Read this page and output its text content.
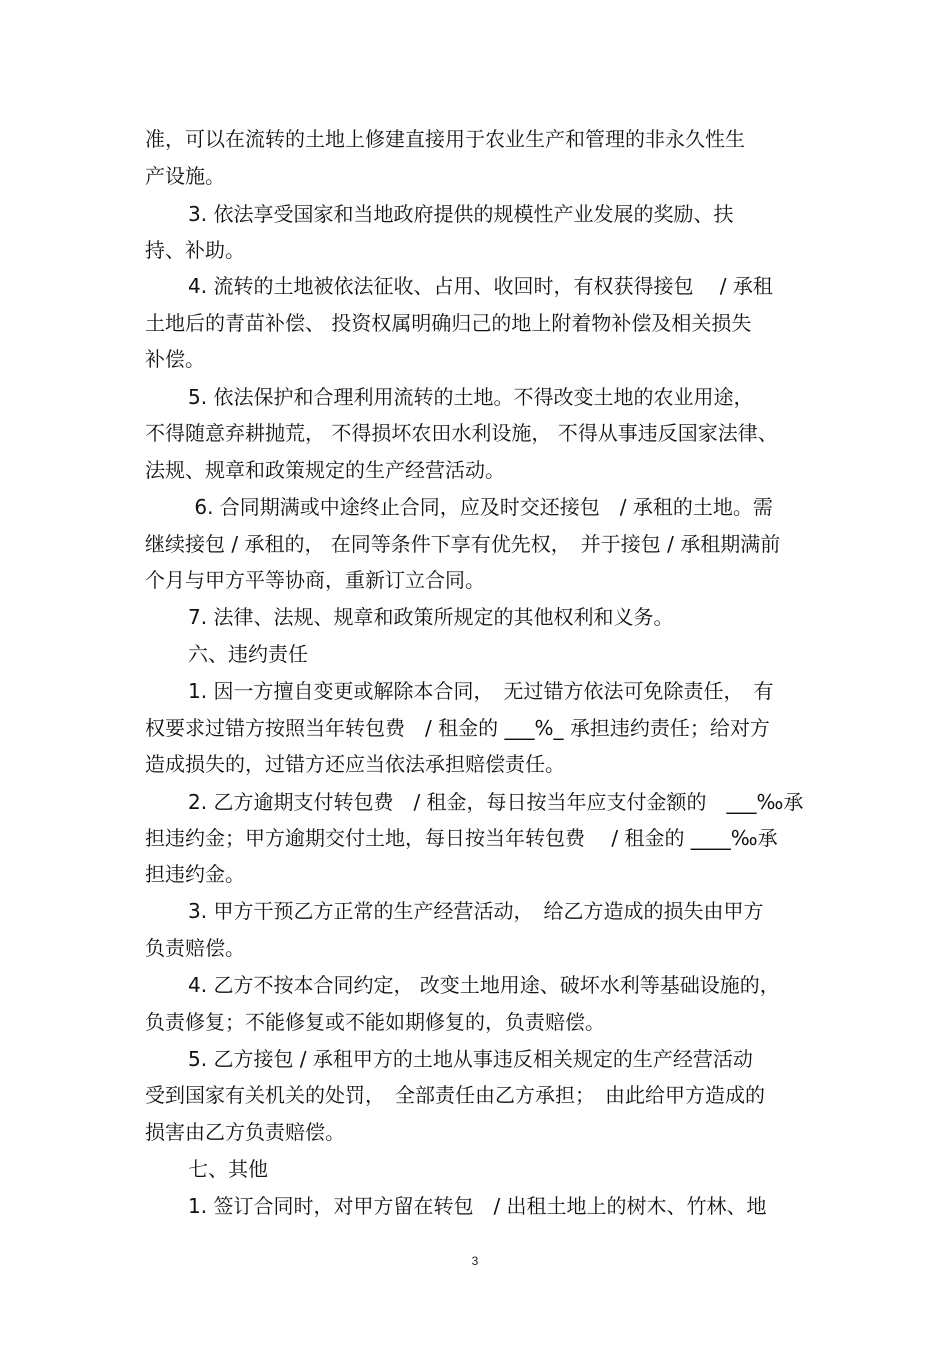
准，可以在流转的土地上修建直接用于农业生产和管理的非永久性生
产设施。
3. 依法享受国家和当地政府提供的规模性产业发展的奖励、扶
持、补助。
4. 流转的土地被依法征收、占用、收回时，有权获得接包　 / 承租
土地后的青苗补偿、 投资权属明确归己的地上附着物补偿及相关损失
补偿。
5. 依法保护和合理利用流转的土地。不得改变土地的农业用途，
不得随意弃耕抛荒， 不得损坏农田水利设施， 不得从事违反国家法律、
法规、规章和政策规定的生产经营活动。
6. 合同期满或中途终止合同，应及时交还接包　/ 承租的土地。需
继续接包 / 承租的， 在同等条件下享有优先权，　并于接包 / 承租期满前
个月与甲方平等协商，重新订立合同。
7. 法律、法规、规章和政策所规定的其他权利和义务。
六、违约责任
1. 因一方擅自变更或解除本合同，　无过错方依法可免除责任，　有
权要求过错方按照当年转包费　/ 租金的 ___%_ 承担违约责任；给对方
造成损失的，过错方还应当依法承担赔偿责任。
2. 乙方逾期支付转包费　/ 租金，每日按当年应支付金额的　___‰承
担违约金；甲方逾期交付土地，每日按当年转包费　 / 租金的 ____‰承
担违约金。
3. 甲方干预乙方正常的生产经营活动，　给乙方造成的损失由甲方
负责赔偿。
4. 乙方不按本合同约定， 改变土地用途、破坏水利等基础设施的，
负责修复；不能修复或不能如期修复的，负责赔偿。
5. 乙方接包 / 承租甲方的土地从事违反相关规定的生产经营活动
受到国家有关机关的处罚，　全部责任由乙方承担；　由此给甲方造成的
损害由乙方负责赔偿。
七、其他
1. 签订合同时，对甲方留在转包　/ 出租土地上的树木、竹林、地
3
